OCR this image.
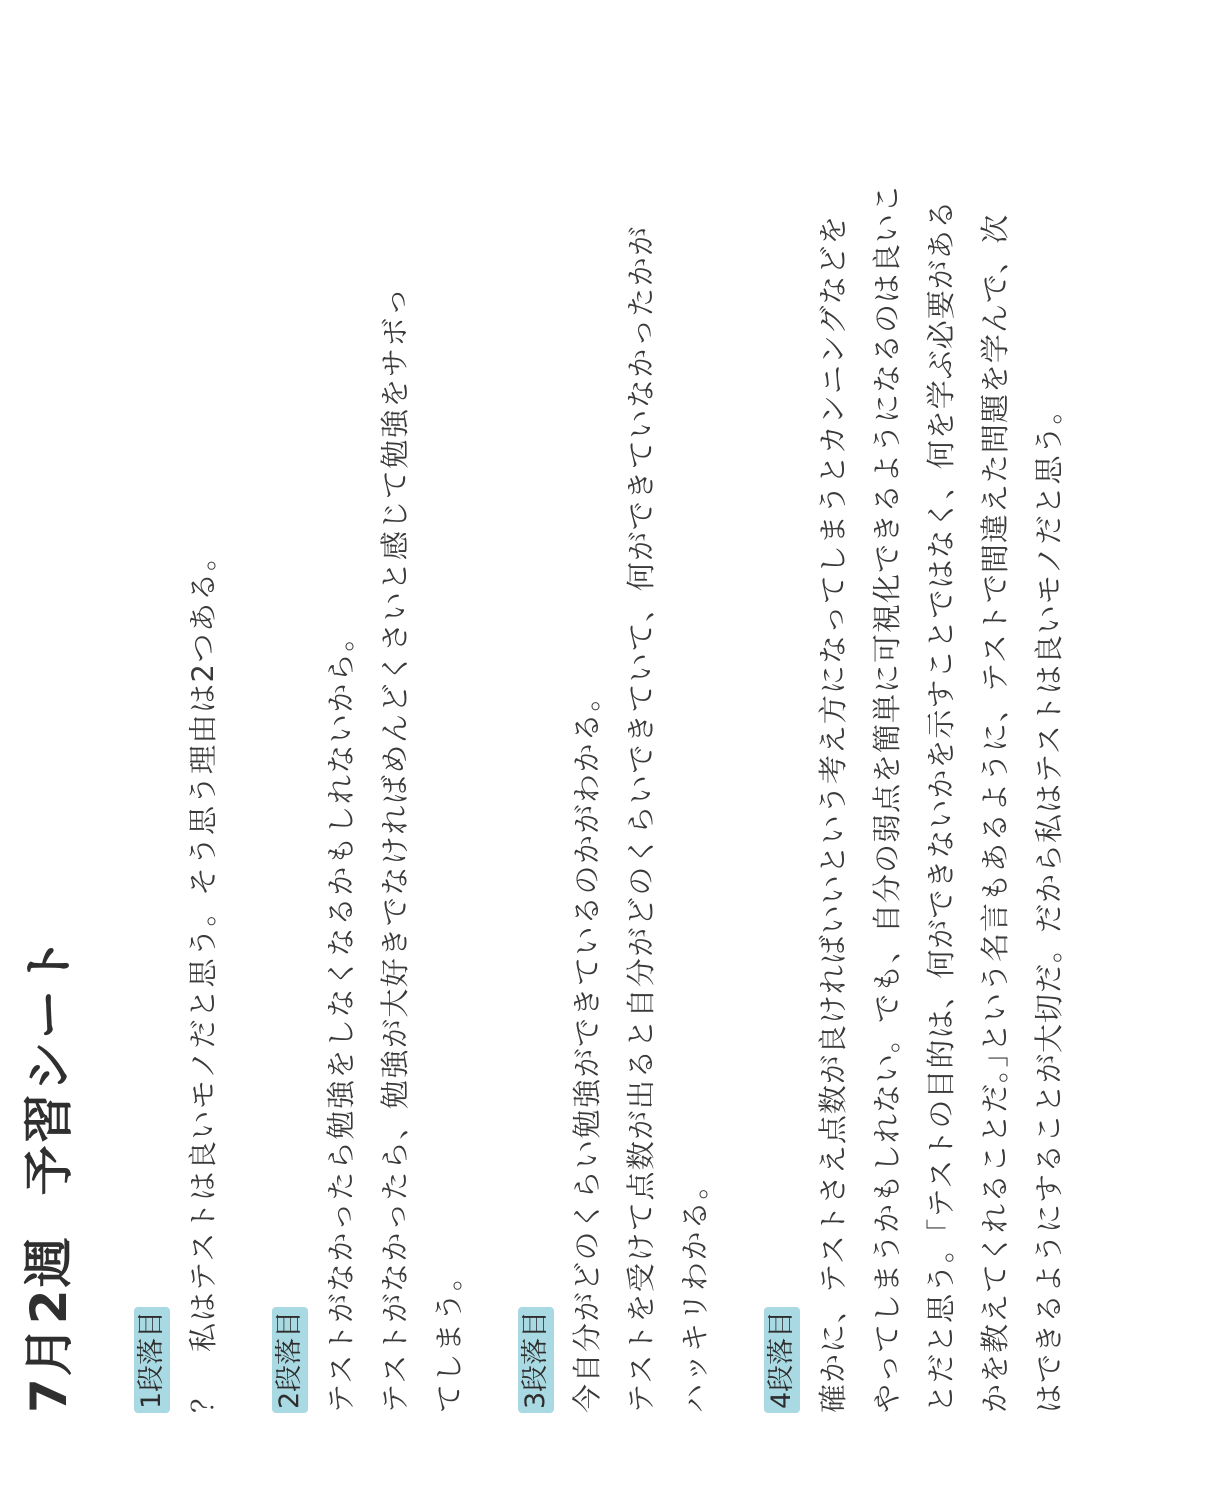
7月2週予習シート
1段落目 ？　私はテストは良いモノだと思う。そう思う理由は2つある。	2段落目 テストがなかったら勉強をしなくなるかもしれないから。 テストがなかったら、勉強が大好きでなければめんどくさいと感じて勉強をサボっ てしまう。	3段落目 今自分がどのくらい勉強ができているのかがわかる。 テストを受けて点数が出ると自分がどのくらいできていて、何ができていなかったかが ハッキリわかる。	4段落目 確かに、テストさえ点数が良ければいいという考え方になってしまうとカンニングなどを やってしまうかもしれない。でも、自分の弱点を簡単に可視化できるようになるのは良いこ とだと思う。｢テストの目的は、何ができないかを示すことではなく、何を学ぶ必要がある かを教えてくれることだ。｣という名言もあるように、テストで間違えた問題を学んで、次 はできるようにすることが大切だ。だから私はテストは良いモノだと思う。
